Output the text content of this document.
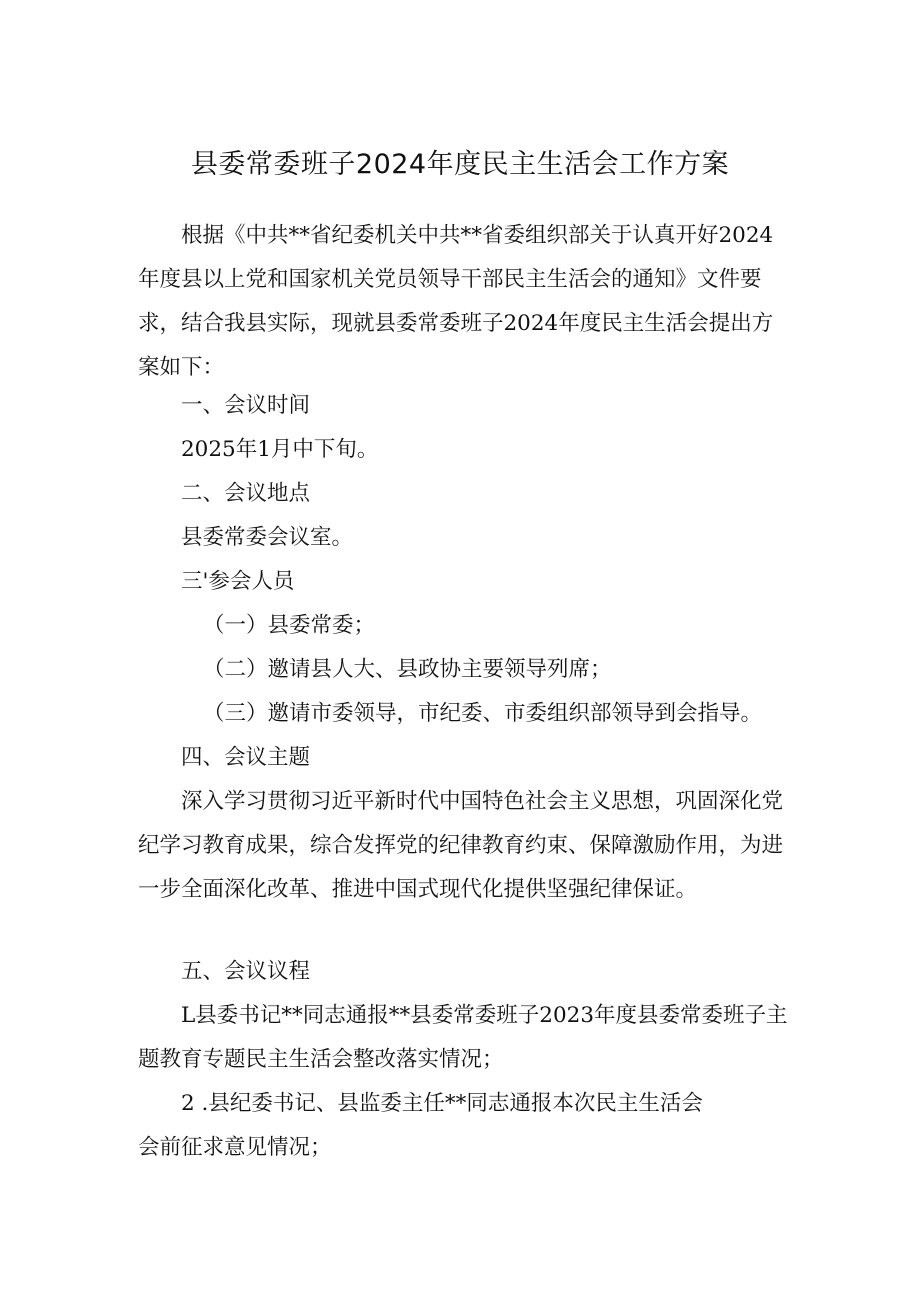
县委常委班子2024年度民主生活会工作方案
根据《中共**省纪委机关中共**省委组织部关于认真开好2024年度县以上党和国家机关党员领导干部民主生活会的通知》文件要求，结合我县实际，现就县委常委班子2024年度民主生活会提出方案如下：
一、会议时间
2025年1月中下旬。
二、会议地点
县委常委会议室。
三'参会人员
（一）县委常委；
（二）邀请县人大、县政协主要领导列席；
（三）邀请市委领导，市纪委、市委组织部领导到会指导。
四、会议主题
深入学习贯彻习近平新时代中国特色社会主义思想，巩固深化党纪学习教育成果，综合发挥党的纪律教育约束、保障激励作用，为进一步全面深化改革、推进中国式现代化提供坚强纪律保证。
五、会议议程
L县委书记**同志通报**县委常委班子2023年度县委常委班子主题教育专题民主生活会整改落实情况；
2 .县纪委书记、县监委主任**同志通报本次民主生活会
会前征求意见情况；
